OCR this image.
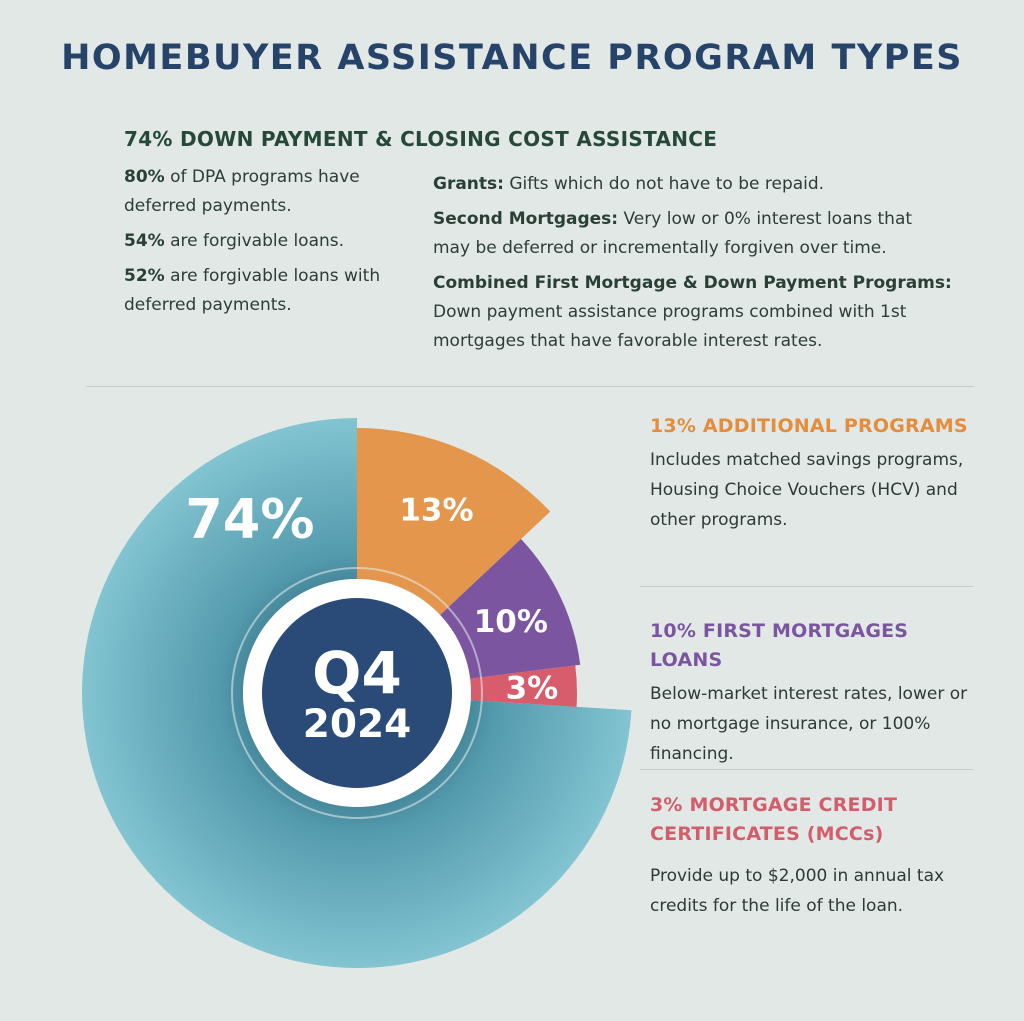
HOMEBUYER ASSISTANCE PROGRAM TYPES
74% DOWN PAYMENT & CLOSING COST ASSISTANCE

80% of DPA programs have deferred payments.

54% are forgivable loans.

52% are forgivable loans with deferred payments.

Grants: Gifts which do not have to be repaid.

Second Mortgages: Very low or 0% interest loans that may be deferred or incrementally forgiven over time.

Combined First Mortgage & Down Payment Programs: Down payment assistance programs combined with 1st mortgages that have favorable interest rates.

Q4
2024
74%	13%
10%
3%
13% ADDITIONAL PROGRAMS
Includes matched savings programs, Housing Choice Vouchers (HCV) and other programs.
10% FIRST MORTGAGES LOANS
Below-market interest rates, lower or no mortgage insurance, or 100% financing.
3% MORTGAGE CREDIT CERTIFICATES (MCCs)
Provide up to $2,000 in annual tax credits for the life of the loan.
